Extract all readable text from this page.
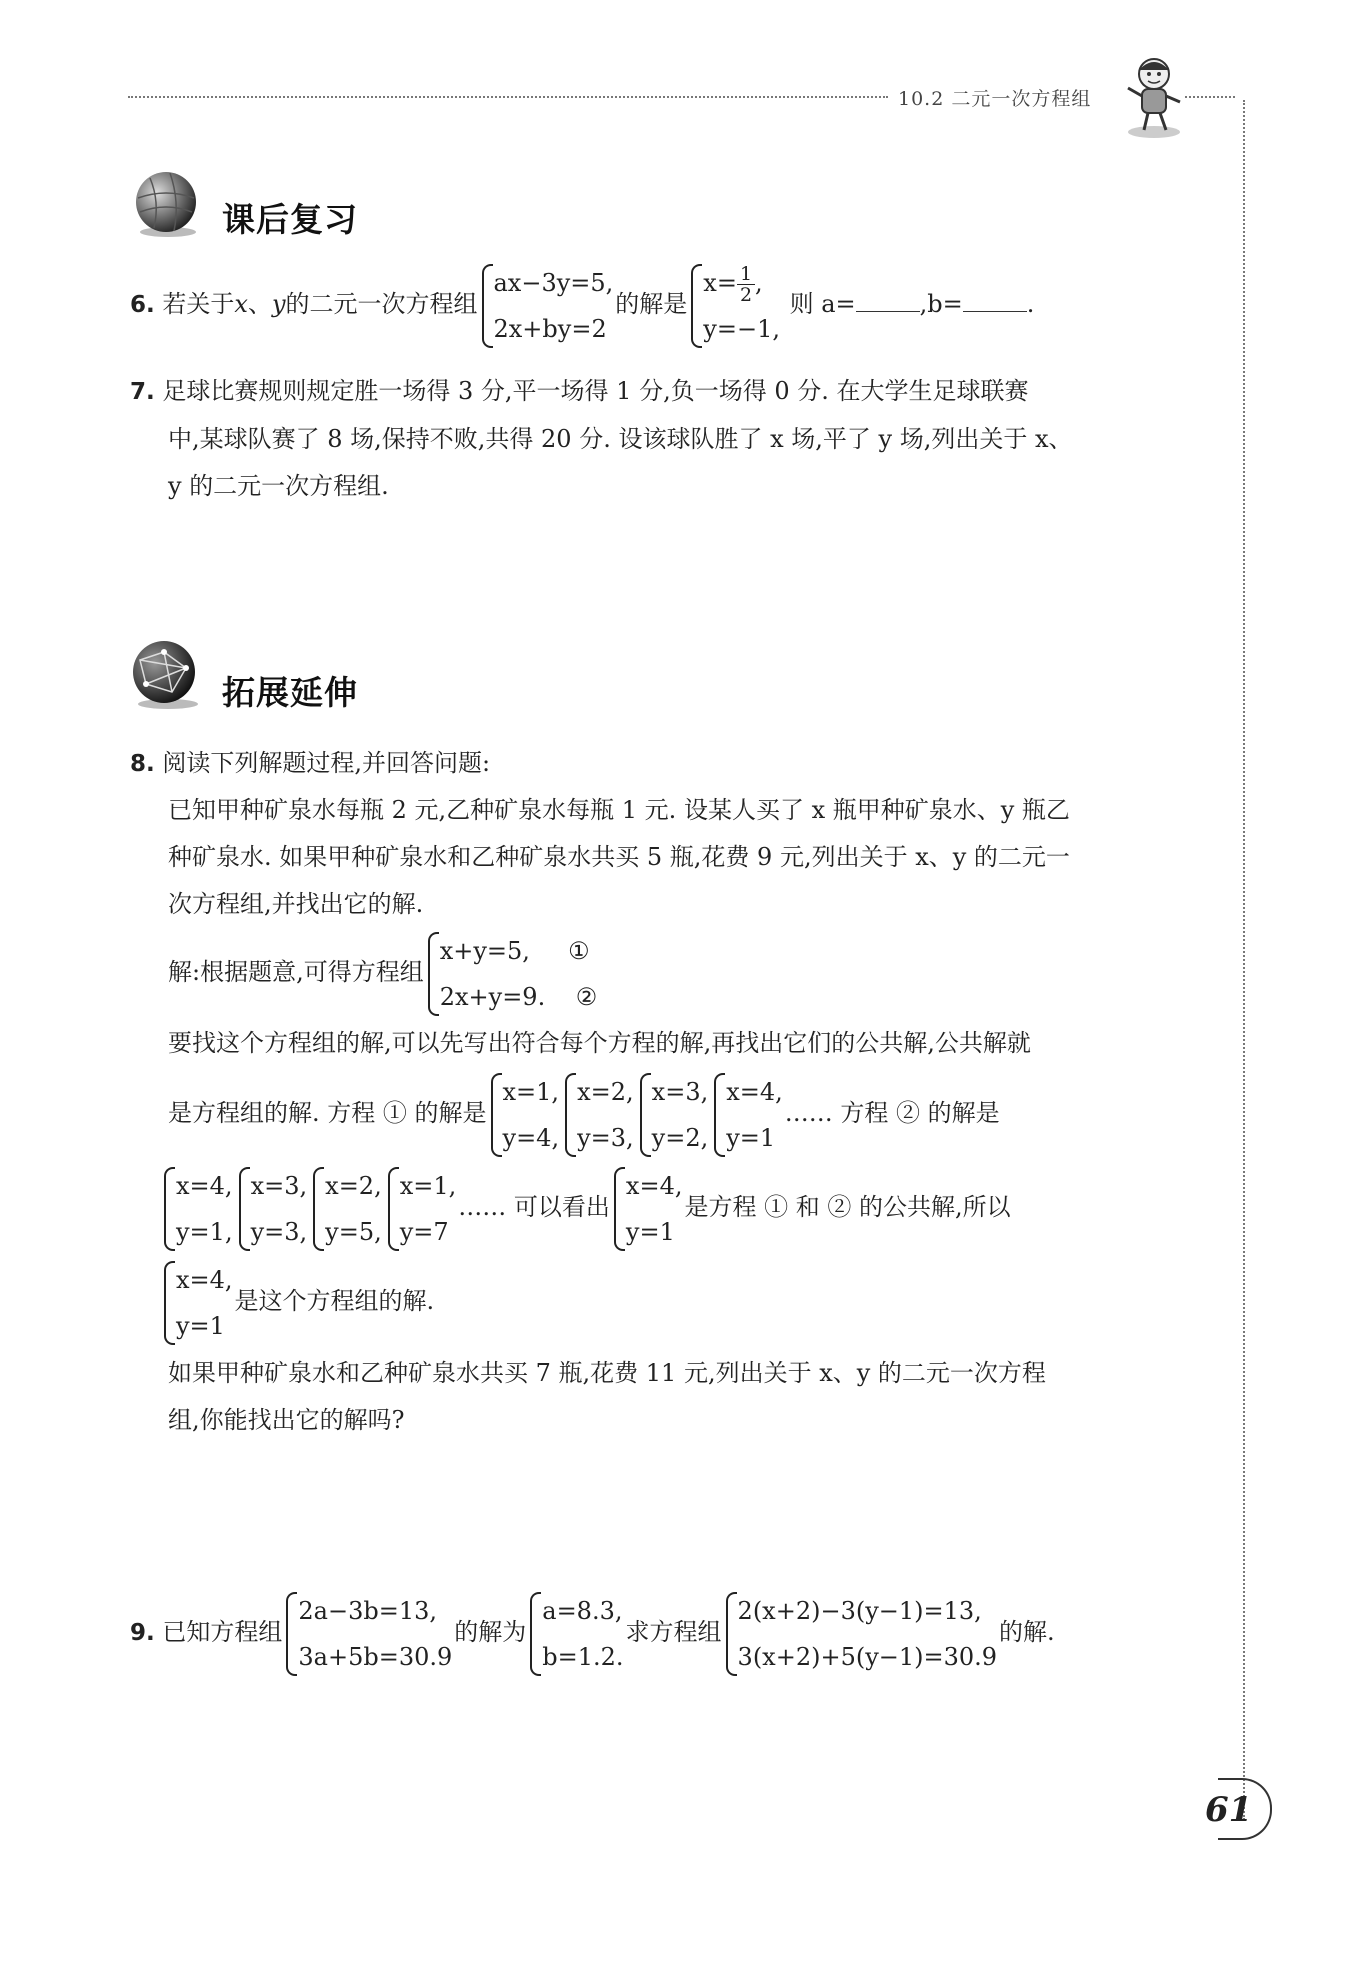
10.2 二元一次方程组
课后复习
6. 若关于x、y的二元一次方程组
ax−3y=5,
2x+by=2
的解是
$x= \frac{1}{2}$ ,
y=−1,
则 a=	,b=	.
7. 足球比赛规则规定胜一场得 3 分,平一场得 1 分,负一场得 0 分. 在大学生足球联赛
中,某球队赛了 8 场,保持不败,共得 20 分. 设该球队胜了 x 场,平了 y 场,列出关于 x、
y 的二元一次方程组.
拓展延伸
8. 阅读下列解题过程,并回答问题:
已知甲种矿泉水每瓶 2 元,乙种矿泉水每瓶 1 元. 设某人买了 x 瓶甲种矿泉水、y 瓶乙
种矿泉水. 如果甲种矿泉水和乙种矿泉水共买 5 瓶,花费 9 元,列出关于 x、y 的二元一
次方程组,并找出它的解.
解:根据题意,可得方程组
x+y=5, ①
2x+y=9. ②
要找这个方程组的解,可以先写出符合每个方程的解,再找出它们的公共解,公共解就
是方程组的解. 方程 ① 的解是
x=1,
y=4,
x=2,
y=3,
x=3,
y=2,
x=4,
y=1
…… 方程 ② 的解是
x=4,
y=1,
x=3,
y=3,
x=2,
y=5,
x=1,
y=7
…… 可以看出
x=4,
y=1
是方程 ① 和 ② 的公共解,所以
x=4,
y=1
是这个方程组的解.
如果甲种矿泉水和乙种矿泉水共买 7 瓶,花费 11 元,列出关于 x、y 的二元一次方程
组,你能找出它的解吗?
9. 已知方程组
2a−3b=13,
3a+5b=30.9
的解为
a=8.3,
b=1.2.
求方程组
2(x+2)−3(y−1)=13,
3(x+2)+5(y−1)=30.9
的解.
61
